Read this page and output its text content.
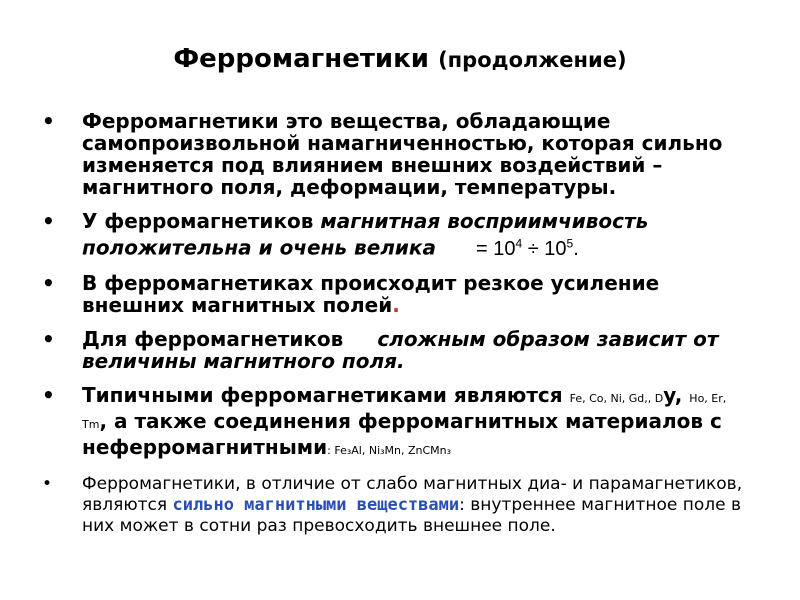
Ферромагнетики (продолжение)
• Ферромагнетики это вещества, обладающие самопроизвольной намагниченностью, которая сильно изменяется под влиянием внешних воздействий – магнитного поля, деформации, температуры.
• У ферромагнетиков магнитная восприимчивость положительна и очень велика = $10^4 \div 10^5$.
• В ферромагнетиках происходит резкое усиление внешних магнитных полей.
• Для ферромагнетиков сложным образом зависит от величины магнитного поля.
• Типичными ферромагнетиками являются Fe, Co, Ni, Gd,, Dy, Ho, Er, Tm, а также соединения ферромагнитных материалов с неферромагнитными: Fe₃Al, Ni₃Mn, ZnCMn₃
• Ферромагнетики, в отличие от слабо магнитных диа- и парамагнетиков, являются сильно магнитными веществами: внутреннее магнитное поле в них может в сотни раз превосходить внешнее поле.
